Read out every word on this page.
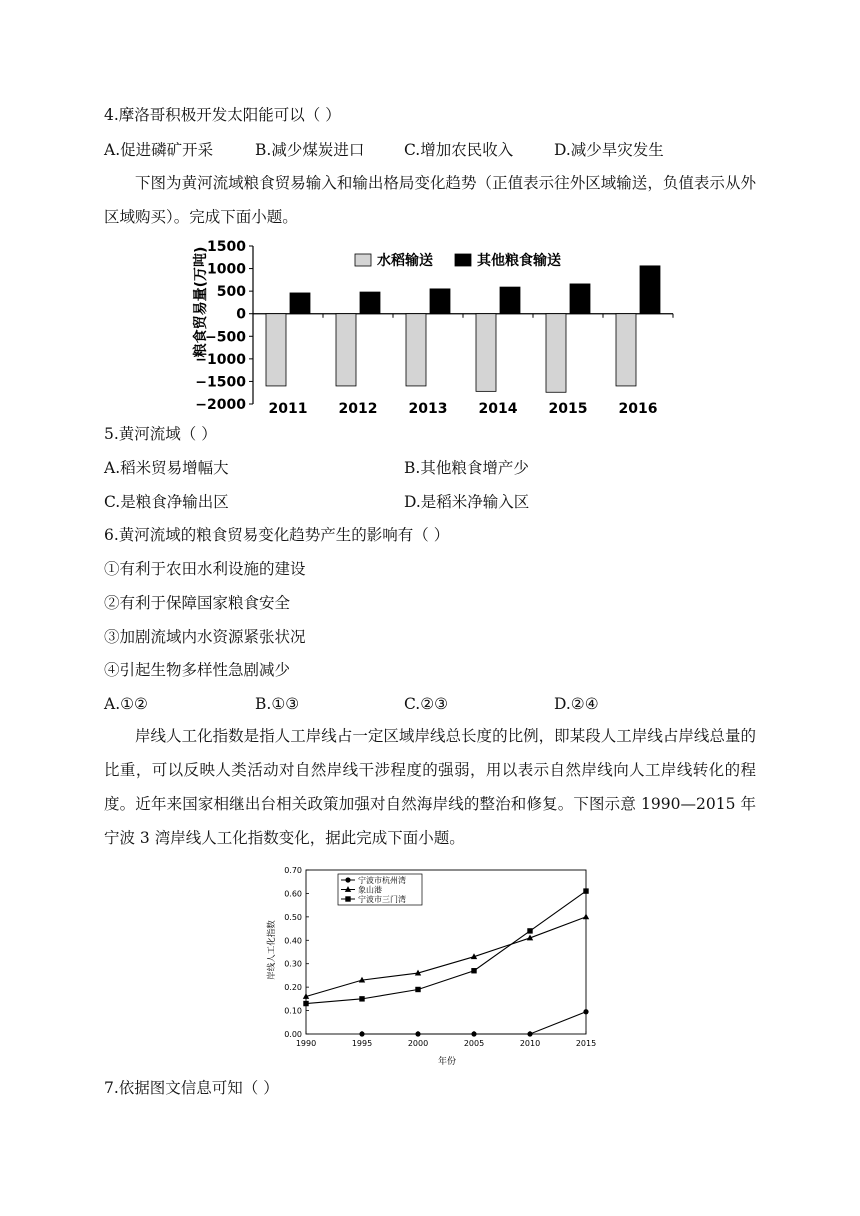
4.摩洛哥积极开发太阳能可以（ ）
A.促进磷矿开采	B.减少煤炭进口	C.增加农民收入	D.减少旱灾发生
下图为黄河流域粮食贸易输入和输出格局变化趋势（正值表示往外区域输送，负值表示从外区域购买）。完成下面小题。
1500
1000
500
0
−500
−1000
−1500
−2000 2011 2012 2013 2014 2015 2016
水稻输送	其他粮食输送
粮食贸易量(万吨)
5.黄河流域（ ）
A.稻米贸易增幅大	B.其他粮食增产少
C.是粮食净输出区	D.是稻米净输入区
6.黄河流域的粮食贸易变化趋势产生的影响有（ ）
①有利于农田水利设施的建设
②有利于保障国家粮食安全
③加剧流域内水资源紧张状况
④引起生物多样性急剧减少
A.①②	B.①③	C.②③	D.②④
岸线人工化指数是指人工岸线占一定区域岸线总长度的比例，即某段人工岸线占岸线总量的比重，可以反映人类活动对自然岸线干涉程度的强弱，用以表示自然岸线向人工岸线转化的程度。近年来国家相继出台相关政策加强对自然海岸线的整治和修复。下图示意 1990—2015 年宁波 3 湾岸线人工化指数变化，据此完成下面小题。
0.00
0.10
0.20
0.30
0.40
0.50
0.60
0.70
1990	1995	2000	2005	2010	2015
宁波市杭州湾
象山港
宁波市三门湾
岸线人工化指数
年份
7.依据图文信息可知（ ）
